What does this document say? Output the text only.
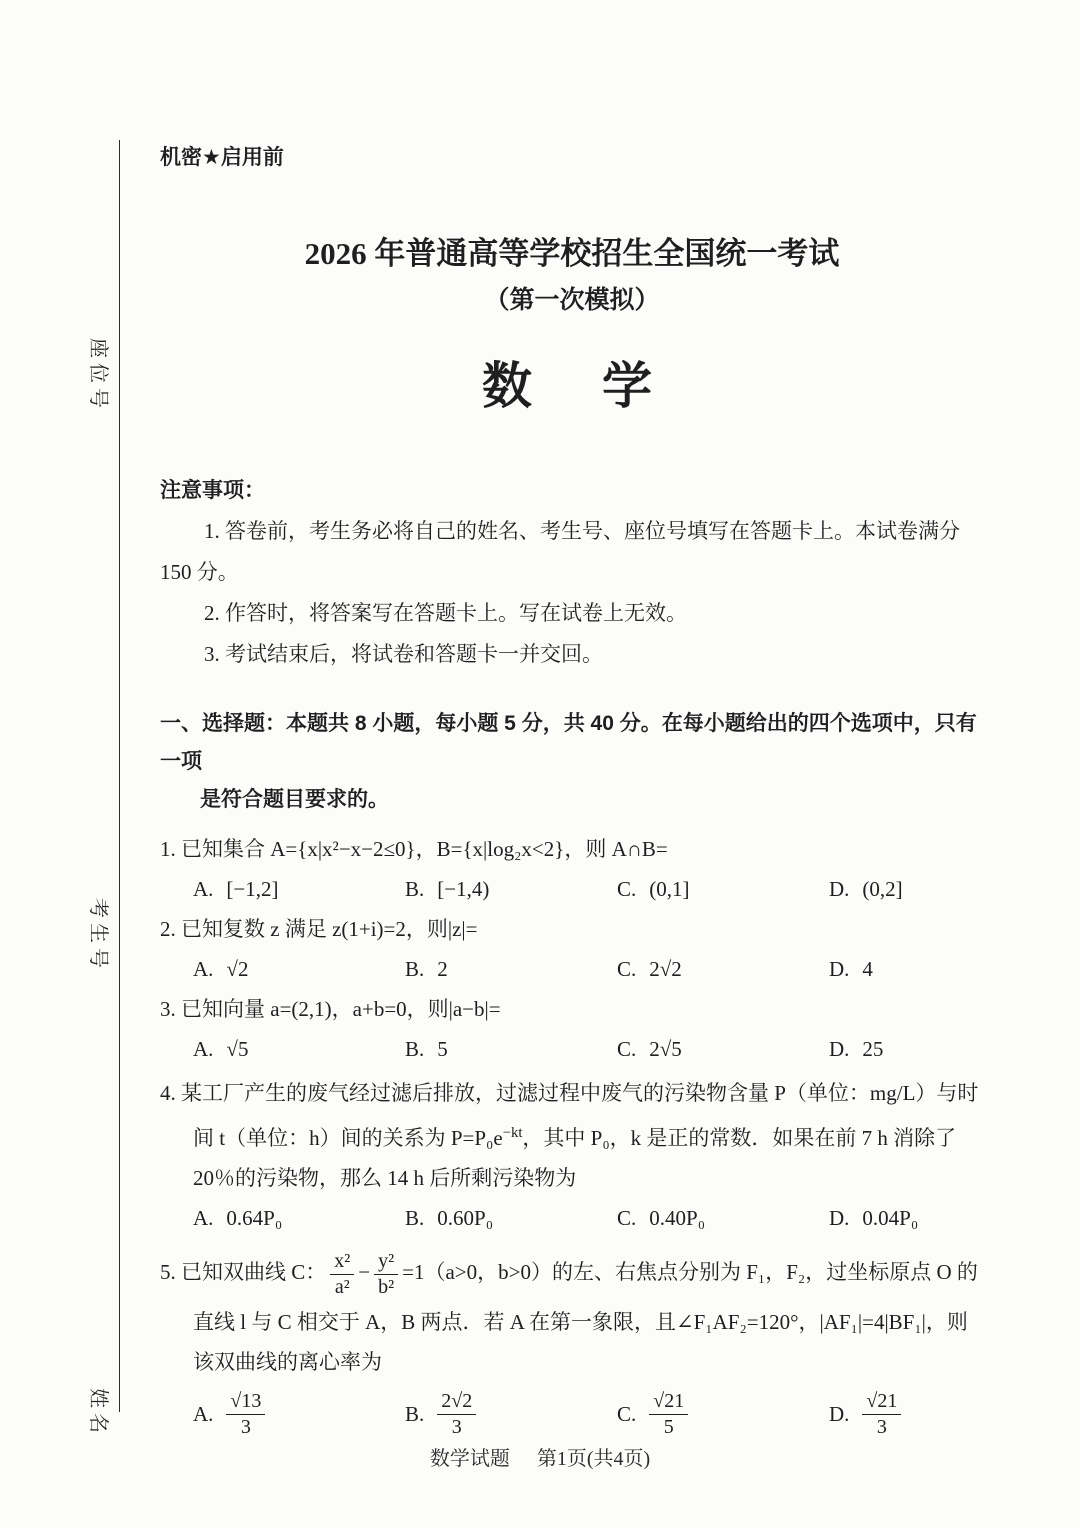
座位号
考生号
姓名
机密★启用前
2026 年普通高等学校招生全国统一考试
（第一次模拟）
数　学
注意事项：
1. 答卷前，考生务必将自己的姓名、考生号、座位号填写在答题卡上。本试卷满分
150 分。
2. 作答时，将答案写在答题卡上。写在试卷上无效。
3. 考试结束后，将试卷和答题卡一并交回。
一、选择题：本题共 8 小题，每小题 5 分，共 40 分。在每小题给出的四个选项中，只有一项
是符合题目要求的。
1. 已知集合 A={x|x²−x−2≤0}，B={x|log₂x<2}，则 A∩B=
A. [−1,2]	B. [−1,4)	C. (0,1]	D. (0,2]
2. 已知复数 z 满足 z(1+i)=2，则|z|=
A. √2	B. 2	C. 2√2	D. 4
3. 已知向量 a=(2,1)，a+b=0，则|a−b|=
A. √5	B. 5	C. 2√5	D. 25
4. 某工厂产生的废气经过滤后排放，过滤过程中废气的污染物含量 P（单位：mg/L）与时
间 t（单位：h）间的关系为 $P=P_0e^{-kt}$，其中 P₀，k 是正的常数．如果在前 7 h 消除了
20％的污染物，那么 14 h 后所剩污染物为
A. 0.64P₀	B. 0.60P₀	C. 0.40P₀	D. 0.04P₀
5. 已知双曲线 C： $\frac{\text{x²}}{\text{a²}} - \frac{\text{y²}}{\text{b²}} =1(a>0$，b>0）的左、右焦点分别为 F₁，F₂，过坐标原点 O 的
直线 l 与 C 相交于 A，B 两点．若 A 在第一象限，且∠F₁AF₂=120°，|AF₁|=4|BF₁|，则
该双曲线的离心率为
A. $\frac{√13}{3}$	B. $\frac{2√2}{3}$	C. $\frac{√21}{5}$	D. $\frac{√21}{3}$
数学试题 第1页(共4页)
